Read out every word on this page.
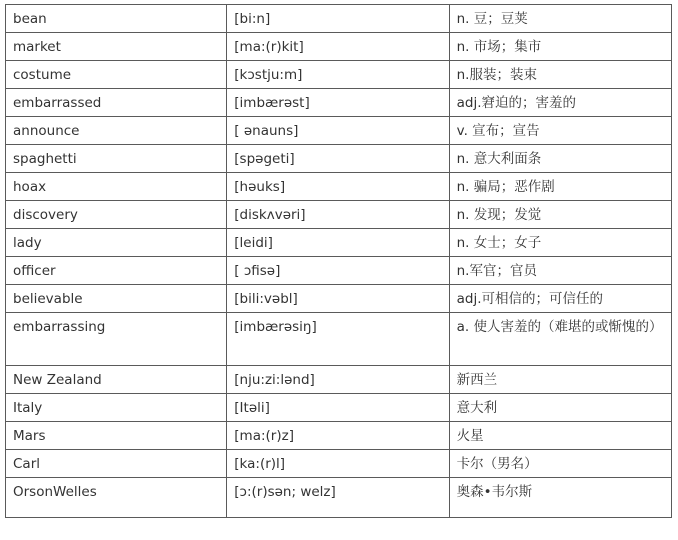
bean	[bi:n]	n. 豆；豆荚
market	[ma:(r)kit]	n. 市场；集市
costume	[kɔstju:m]	n.服装；装束
embarrassed	[imbærəst]	adj.窘迫的；害羞的
announce	[ ənauns]	v. 宣布；宣告
spaghetti	[spəgeti]	n. 意大利面条
hoax	[həuks]	n. 骗局；恶作剧
discovery	[diskʌvəri]	n. 发现；发觉
lady	[leidi]	n. 女士；女子
officer	[ ɔfisə]	n.军官；官员
believable	[bili:vəbl]	adj.可相信的；可信任的
embarrassing	[imbærəsiŋ]	a. 使人害羞的（难堪的或惭愧的）
New Zealand	[nju:zi:lənd]	新西兰
Italy	[Itəli]	意大利
Mars	[ma:(r)z]	火星
Carl	[ka:(r)l]	卡尔（男名）
OrsonWelles	[ɔ:(r)sən; welz]	奥森•韦尔斯
